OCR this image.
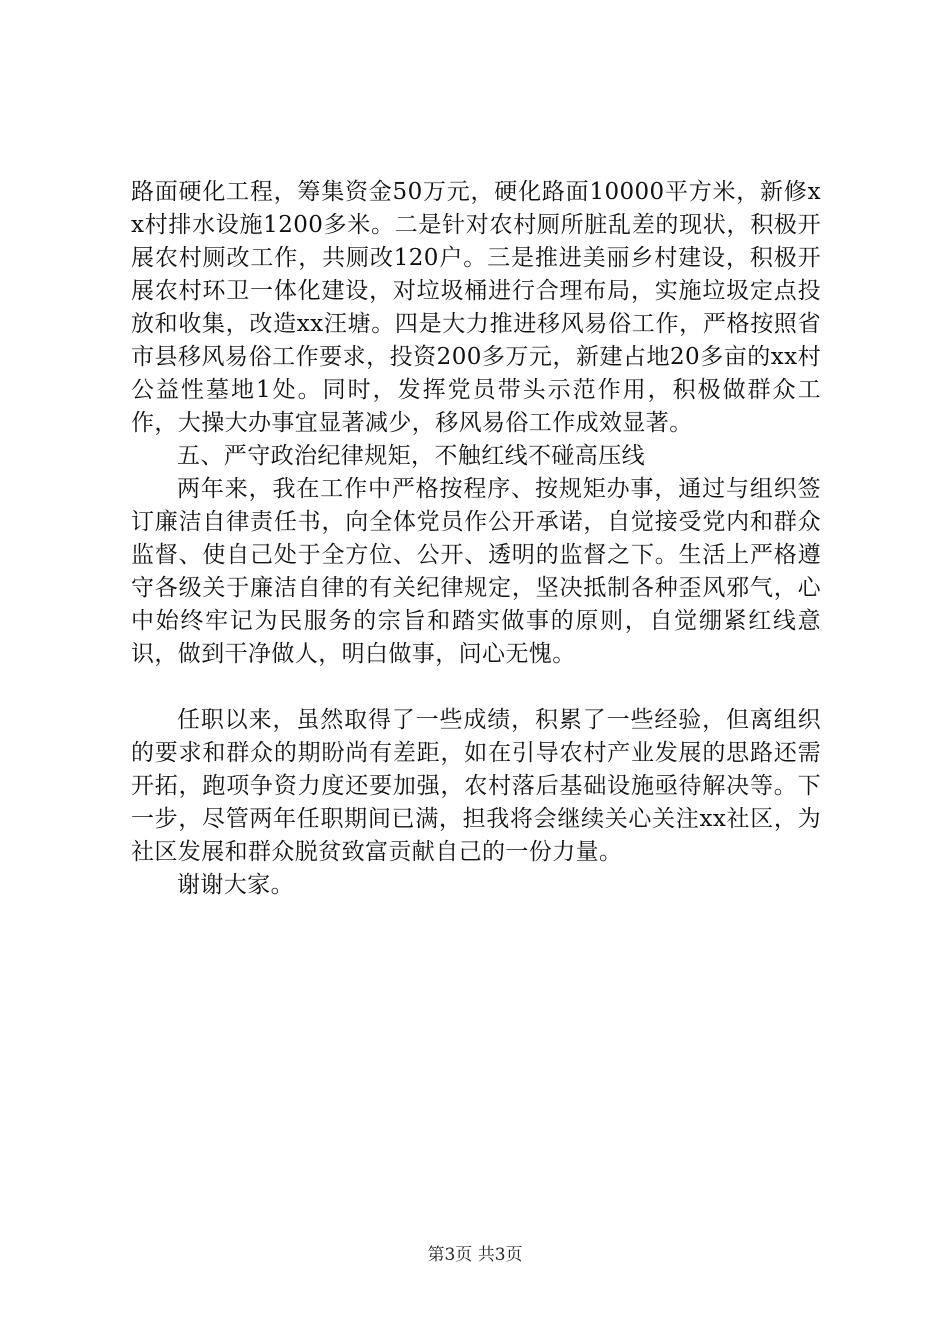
路面硬化工程，筹集资金50万元，硬化路面10000平方米，新修xx村排水设施1200多米。二是针对农村厕所脏乱差的现状，积极开展农村厕改工作，共厕改120户。三是推进美丽乡村建设，积极开展农村环卫一体化建设，对垃圾桶进行合理布局，实施垃圾定点投放和收集，改造xx汪塘。四是大力推进移风易俗工作，严格按照省市县移风易俗工作要求，投资200多万元，新建占地20多亩的xx村公益性墓地1处。同时，发挥党员带头示范作用，积极做群众工作，大操大办事宜显著减少，移风易俗工作成效显著。

五、严守政治纪律规矩，不触红线不碰高压线

两年来，我在工作中严格按程序、按规矩办事，通过与组织签订廉洁自律责任书，向全体党员作公开承诺，自觉接受党内和群众监督、使自己处于全方位、公开、透明的监督之下。生活上严格遵守各级关于廉洁自律的有关纪律规定，坚决抵制各种歪风邪气，心中始终牢记为民服务的宗旨和踏实做事的原则，自觉绷紧红线意识，做到干净做人，明白做事，问心无愧。

任职以来，虽然取得了一些成绩，积累了一些经验，但离组织的要求和群众的期盼尚有差距，如在引导农村产业发展的思路还需开拓，跑项争资力度还要加强，农村落后基础设施亟待解决等。下一步，尽管两年任职期间已满，担我将会继续关心关注xx社区，为社区发展和群众脱贫致富贡献自己的一份力量。

谢谢大家。

第3页 共3页
